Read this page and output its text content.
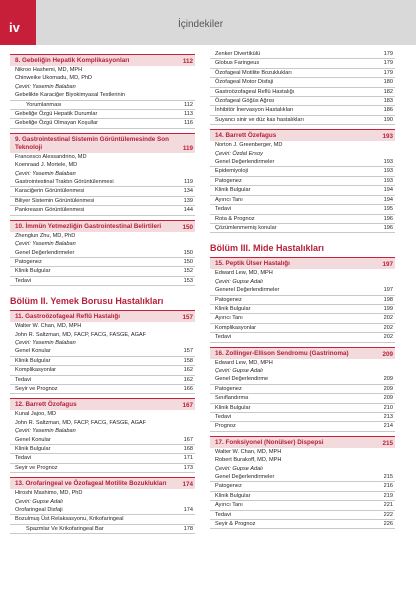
iv	İçindekiler
8. Gebeliğin Hepatik Komplikasyonları	112
Nikroo Hashemi, MD, MPH
Chinweike Ukomadu, MD, PhD
Çeviri: Yasemin Balaban
Gebelikte Karaciğer Biyokimyasal Testlerinin
Yorumlanması	112
Gebeliğe Özgü Hepatik Durumlar	113
Gebeliğe Özgü Olmayan Koşullar	116
9. Gastrointestinal Sistemin Görüntülemesinde Son Teknoloji	119
Francesco Alessandrino, MD
Koenraad J. Mortele, MD
Çeviri: Yasemin Balaban
Gastrointestinal Traktın Görüntülenmesi	119
Karaciğerin Görüntülenmesi	134
Biliyer Sistemin Görüntülenmesi	139
Pankreasın Görüntülenmesi	144
10. İmmün Yetmezliğin Gastrointestinal Belirtileri	150
Zhenglun Zhu, MD, PhD
Çeviri: Yasemin Balaban
Genel Değerlendirmeler	150
Patogenez	150
Klinik Bulgular	152
Tedavi	153
Bölüm II. Yemek Borusu Hastalıkları
11. Gastroözofageal Reflü Hastalığı	157
Walter W. Chan, MD, MPH
John R. Saltzman, MD, FACP, FACG, FASGE, AGAF
Çeviri: Yasemin Balaban
Genel Konular	157
Klinik Bulgular	158
Komplikasyonlar	162
Tedavi	162
Seyir ve Prognoz	166
12. Barrett Özofagus	167
Kunal Jajoo, MD
John R. Saltzman, MD, FACP, FACG, FASGE, AGAF
Çeviri: Yasemin Balaban
Genel Konular	167
Klinik Bulgular	168
Tedavi	171
Seyir ve Prognoz	173
13. Orofaringeal ve Özofageal Motilite Bozuklukları	174
Hiroshi Mashimo, MD, PhD
Çeviri: Gupse Adalı
Orofaringeal Disfaji	174
Bozulmuş Üst Relaksasyonu, Krikofaringeal
Spazmlar Ve Krikofaringeal Bar	178
Zenker Divertikülü	179
Globus Faringeus	179
Özofageal Motilite Bozuklukları	179
Özofageal Motor Disfaji	180
Gastroözofageal Reflü Hastalığı	182
Özofageal Göğüs Ağrısı	183
İnhibitör İnervasyon Hastalıkları	186
Suyancı sinir ve düz kas hastalıkları	190
14. Barrett Özefagus	193
Norton J. Greenberger, MD
Çeviri: Özdal Ersoy
Genel Değerlendirmeler	193
Epidemiyoloji	193
Patogenez	193
Klinik Bulgular	194
Ayırıcı Tanı	194
Tedavi	195
Rota & Prognoz	196
Çözümlenmemiş konular	196
Bölüm III. Mide Hastalıkları
15. Peptik Ülser Hastalığı	197
Edward Lew, MD, MPH
Çeviri: Gupse Adalı
Generel Değerlendirmeler	197
Patogenez	198
Klinik Bulgular	199
Ayırıcı Tanı	202
Komplikasyonlar	202
Tedavi	202
16. Zollinger-Ellison Sendromu (Gastrinoma)	209
Edward Lew, MD, MPH
Çeviri: Gupse Adalı
Genel Değerlendirme	209
Patogenez	209
Sınıflandırma	209
Klinik Bulgular	210
Tedavi	213
Prognoz	214
17. Fonksiyonel (Nonülser) Dispepsi	215
Walter W. Chan, MD, MPH
Robert Burakoff, MD, MPH
Çeviri: Gupse Adalı
Genel Değerlendirmeler	215
Patogenez	216
Klinik Bulgular	219
Ayırıcı Tanı	221
Tedavi	222
Seyir & Prognoz	226
